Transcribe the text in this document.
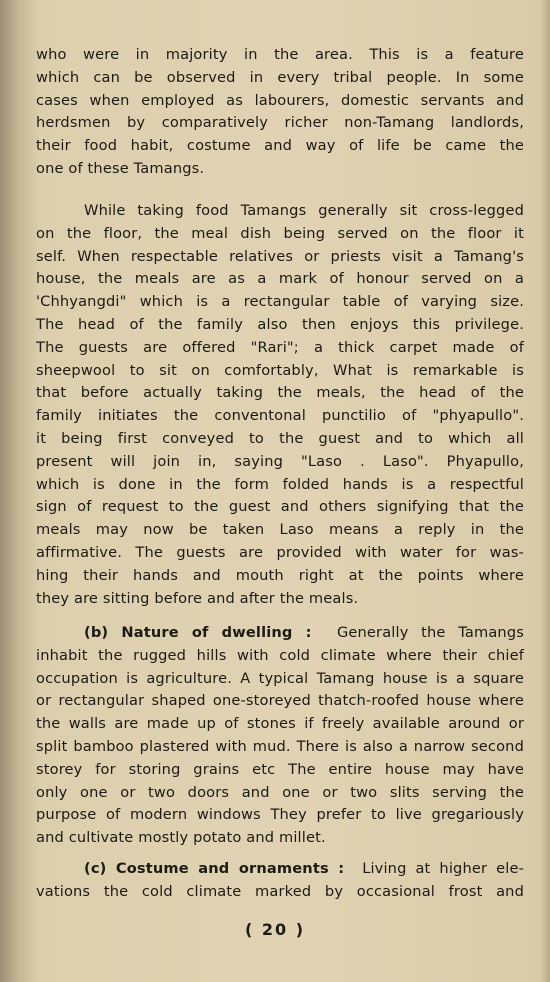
who were in majority in the area. This is a feature
which can be observed in every tribal people. In some
cases when employed as labourers, domestic servants and
herdsmen by comparatively richer non-Tamang landlords,
their food habit, costume and way of life be came the
one of these Tamangs.

While taking food Tamangs generally sit cross-legged
on the floor, the meal dish being served on the floor it
self. When respectable relatives or priests visit a Tamang's
house, the meals are as a mark of honour served on a
'Chhyangdi" which is a rectangular table of varying size.
The head of the family also then enjoys this privilege.
The guests are offered "Rari"; a thick carpet made of
sheepwool to sit on comfortably, What is remarkable is
that before actually taking the meals, the head of the
family initiates the conventonal punctilio of "phyapullo".
it being first conveyed to the guest and to which all
present will join in, saying "Laso . Laso". Phyapullo,
which is done in the form folded hands is a respectful
sign of request to the guest and others signifying that the
meals may now be taken Laso means a reply in the
affirmative. The guests are provided with water for was-
hing their hands and mouth right at the points where
they are sitting before and after the meals.

(b) Nature of dwelling : Generally the Tamangs
inhabit the rugged hills with cold climate where their chief
occupation is agriculture. A typical Tamang house is a square
or rectangular shaped one-storeyed thatch-roofed house where
the walls are made up of stones if freely available around or
split bamboo plastered with mud. There is also a narrow second
storey for storing grains etc The entire house may have
only one or two doors and one or two slits serving the
purpose of modern windows They prefer to live gregariously
and cultivate mostly potato and millet.

(c) Costume and ornaments : Living at higher ele-
vations the cold climate marked by occasional frost and

( 20 )
